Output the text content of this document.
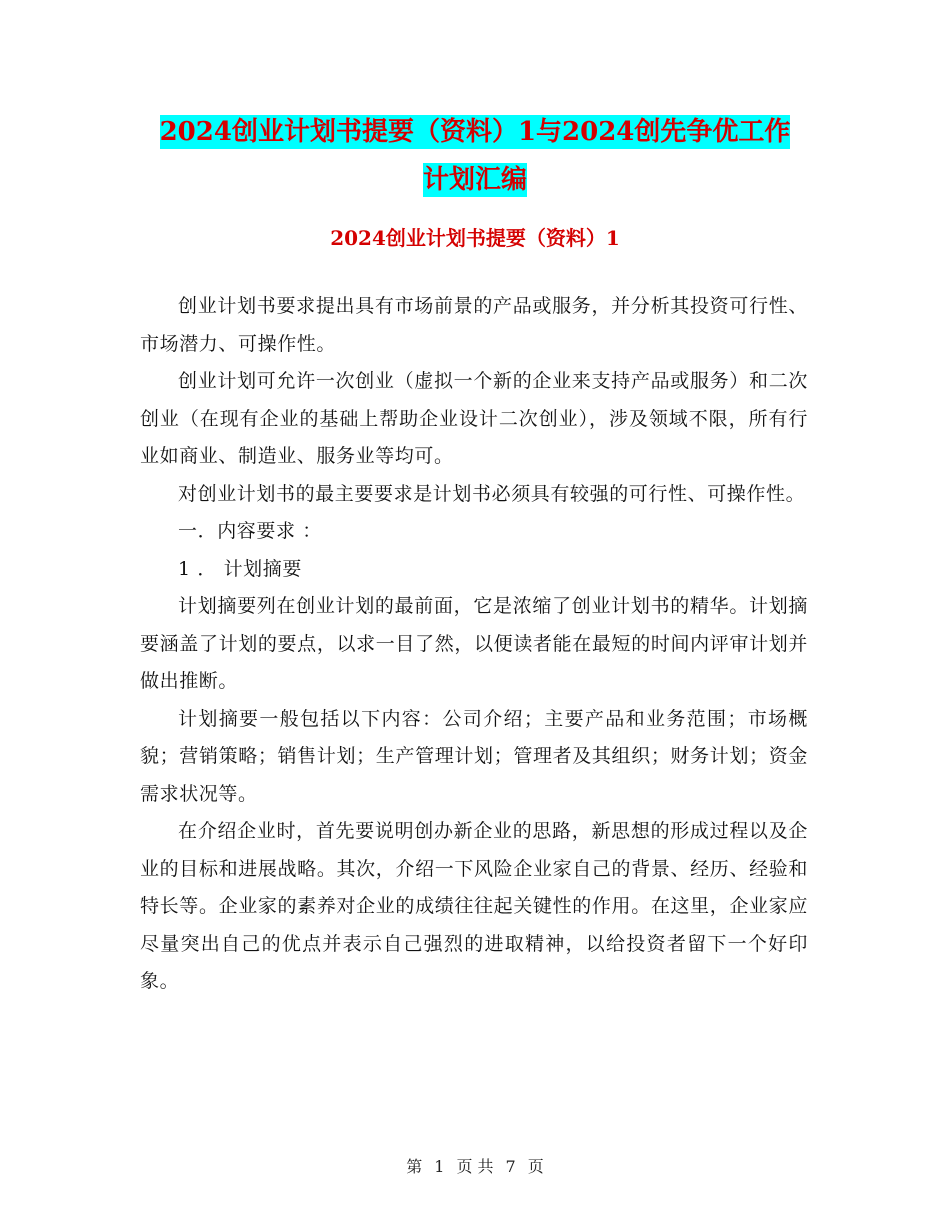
2024创业计划书提要（资料）1与2024创先争优工作
计划汇编
2024创业计划书提要（资料）1

创业计划书要求提出具有市场前景的产品或服务，并分析其投资可行性、市场潜力、可操作性。

创业计划可允许一次创业（虚拟一个新的企业来支持产品或服务）和二次创业（在现有企业的基础上帮助企业设计二次创业），涉及领域不限，所有行业如商业、制造业、服务业等均可。

对创业计划书的最主要要求是计划书必须具有较强的可行性、可操作性。

一．内容要求 ：

1 ． 计划摘要

计划摘要列在创业计划的最前面，它是浓缩了创业计划书的精华。计划摘要涵盖了计划的要点，以求一目了然，以便读者能在最短的时间内评审计划并做出推断。

计划摘要一般包括以下内容：公司介绍；主要产品和业务范围；市场概貌；营销策略；销售计划；生产管理计划；管理者及其组织；财务计划；资金需求状况等。

在介绍企业时，首先要说明创办新企业的思路，新思想的形成过程以及企业的目标和进展战略。其次，介绍一下风险企业家自己的背景、经历、经验和特长等。企业家的素养对企业的成绩往往起关键性的作用。在这里，企业家应尽量突出自己的优点并表示自己强烈的进取精神，以给投资者留下一个好印象。

第 1 页 共 7 页
